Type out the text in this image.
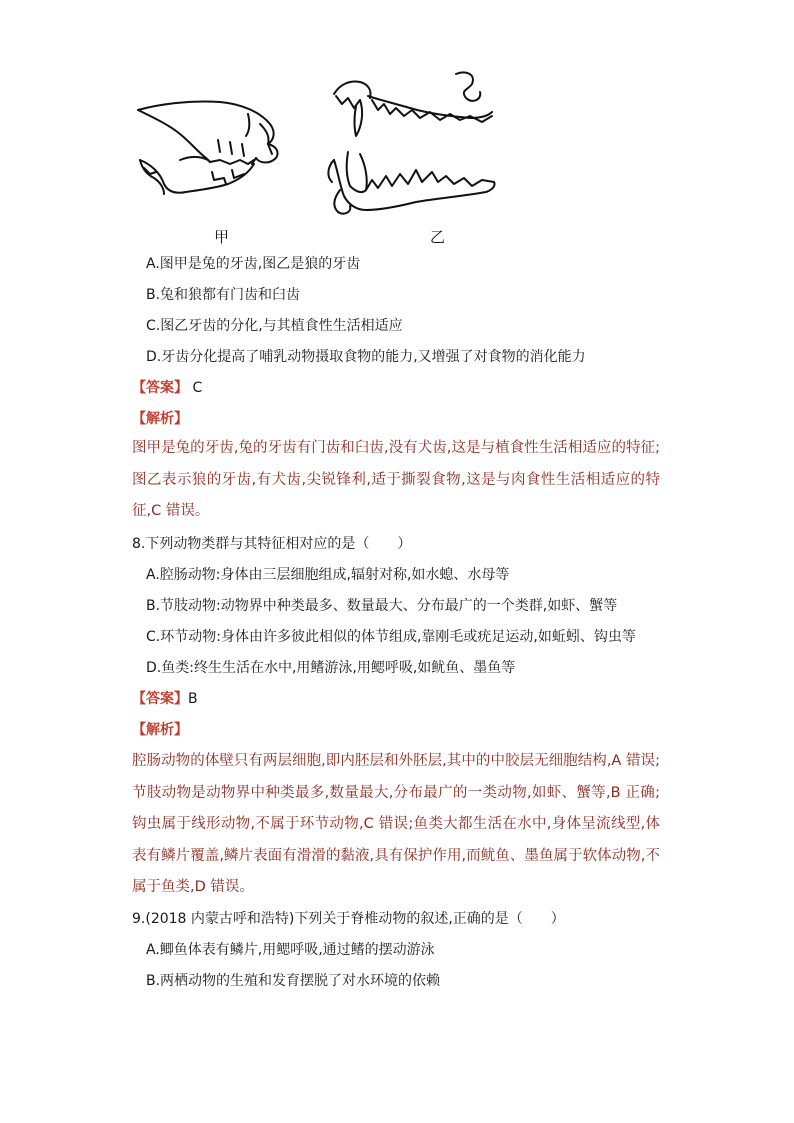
甲	乙
A.图甲是兔的牙齿,图乙是狼的牙齿
B.兔和狼都有门齿和臼齿
C.图乙牙齿的分化,与其植食性生活相适应
D.牙齿分化提高了哺乳动物摄取食物的能力,又增强了对食物的消化能力
【答案】 C
【解析】
图甲是兔的牙齿,兔的牙齿有门齿和臼齿,没有犬齿,这是与植食性生活相适应的特征;图乙表示狼的牙齿,有犬齿,尖锐锋利,适于撕裂食物,这是与肉食性生活相适应的特征,C 错误。
8.下列动物类群与其特征相对应的是（　　）
A.腔肠动物:身体由三层细胞组成,辐射对称,如水螅、水母等
B.节肢动物:动物界中种类最多、数量最大、分布最广的一个类群,如虾、蟹等
C.环节动物:身体由许多彼此相似的体节组成,靠刚毛或疣足运动,如蚯蚓、钩虫等
D.鱼类:终生生活在水中,用鳍游泳,用鳃呼吸,如鱿鱼、墨鱼等
【答案】B
【解析】
腔肠动物的体壁只有两层细胞,即内胚层和外胚层,其中的中胶层无细胞结构,A 错误;节肢动物是动物界中种类最多,数量最大,分布最广的一类动物,如虾、蟹等,B 正确;钩虫属于线形动物,不属于环节动物,C 错误;鱼类大都生活在水中,身体呈流线型,体表有鳞片覆盖,鳞片表面有滑滑的黏液,具有保护作用,而鱿鱼、墨鱼属于软体动物,不属于鱼类,D 错误。
9.(2018 内蒙古呼和浩特)下列关于脊椎动物的叙述,正确的是（　　）
A.鲫鱼体表有鳞片,用鳃呼吸,通过鳍的摆动游泳
B.两栖动物的生殖和发育摆脱了对水环境的依赖
